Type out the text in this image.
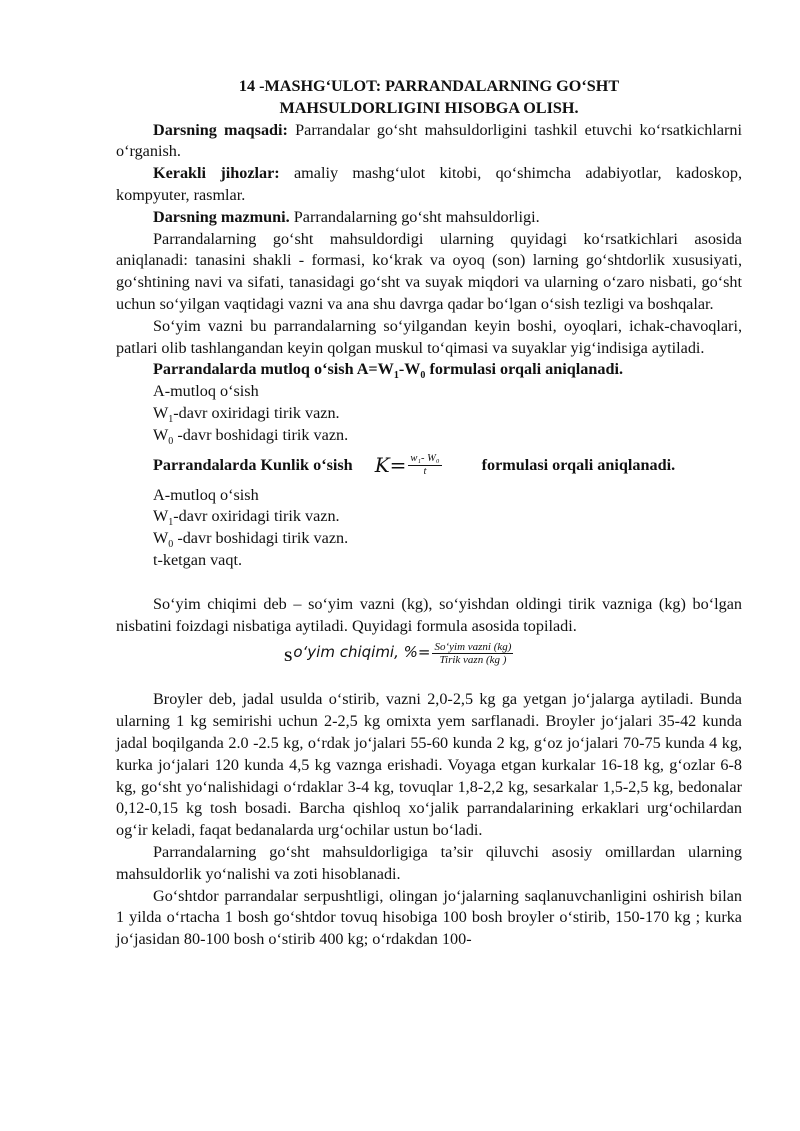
14 -MASHG‘ULOT: PARRANDALARNING GO‘SHT

MAHSULDORLIGINI HISOBGA OLISH.

Darsning maqsadi: Parrandalar go‘sht mahsuldorligini tashkil etuvchi ko‘rsatkichlarni o‘rganish.

Kerakli jihozlar: amaliy mashg‘ulot kitobi, qo‘shimcha adabiyotlar, kadoskop, kompyuter, rasmlar.

Darsning mazmuni. Parrandalarning go‘sht mahsuldorligi.

Parrandalarning go‘sht mahsuldordigi ularning quyidagi ko‘rsatkichlari asosida aniqlanadi: tanasini shakli - formasi, ko‘krak va oyoq (son) larning go‘shtdorlik xususiyati, go‘shtining navi va sifati, tanasidagi go‘sht va suyak miqdori va ularning o‘zaro nisbati, go‘sht uchun so‘yilgan vaqtidagi vazni va ana shu davrga qadar bo‘lgan o‘sish tezligi va boshqalar.

So‘yim vazni bu parrandalarning so‘yilgandan keyin boshi, oyoqlari, ichak-chavoqlari, patlari olib tashlangandan keyin qolgan muskul to‘qimasi va suyaklar yig‘indisiga aytiladi.

Parrandalarda mutloq o‘sish $A=W_1-W_0$ formulasi orqali aniqlanadi.

A-mutloq o‘sish

$W_1$-davr oxiridagi tirik vazn.

$W_0$ -davr boshidagi tirik vazn.

Parrandalarda Kunlik o‘sish $K= \frac{\text{w₁- W₀}}{t}$ formulasi orqali aniqlanadi.

A-mutloq o‘sish

$W_1$-davr oxiridagi tirik vazn.

$W_0$ -davr boshidagi tirik vazn.

t-ketgan vaqt.

So‘yim chiqimi deb – so‘yim vazni (kg), so‘yishdan oldingi tirik vazniga (kg) bo‘lgan nisbatini foizdagi nisbatiga aytiladi. Quyidagi formula asosida topiladi.

S o‘yim chiqimi, %= $\frac{\text{So‘yim vazni (kg)}}{\text{Tirik vazn (kg )}}$

Broyler deb, jadal usulda o‘stirib, vazni 2,0-2,5 kg ga yetgan jo‘jalarga aytiladi. Bunda ularning 1 kg semirishi uchun 2-2,5 kg omixta yem sarflanadi. Broyler jo‘jalari 35-42 kunda jadal boqilganda 2.0 -2.5 kg, o‘rdak jo‘jalari 55-60 kunda 2 kg, g‘oz jo‘jalari 70-75 kunda 4 kg, kurka jo‘jalari 120 kunda 4,5 kg vaznga erishadi. Voyaga etgan kurkalar 16-18 kg, g‘ozlar 6-8 kg, go‘sht yo‘nalishidagi o‘rdaklar 3-4 kg, tovuqlar 1,8-2,2 kg, sesarkalar 1,5-2,5 kg, bedonalar 0,12-0,15 kg tosh bosadi. Barcha qishloq xo‘jalik parrandalarining erkaklari urg‘ochilardan og‘ir keladi, faqat bedanalarda urg‘ochilar ustun bo‘ladi.

Parrandalarning go‘sht mahsuldorligiga ta’sir qiluvchi asosiy omillardan ularning mahsuldorlik yo‘nalishi va zoti hisoblanadi.

Go‘shtdor parrandalar serpushtligi, olingan jo‘jalarning saqlanuvchanligini oshirish bilan 1 yilda o‘rtacha 1 bosh go‘shtdor tovuq hisobiga 100 bosh broyler o‘stirib, 150-170 kg ; kurka jo‘jasidan 80-100 bosh o‘stirib 400 kg; o‘rdakdan 100-
